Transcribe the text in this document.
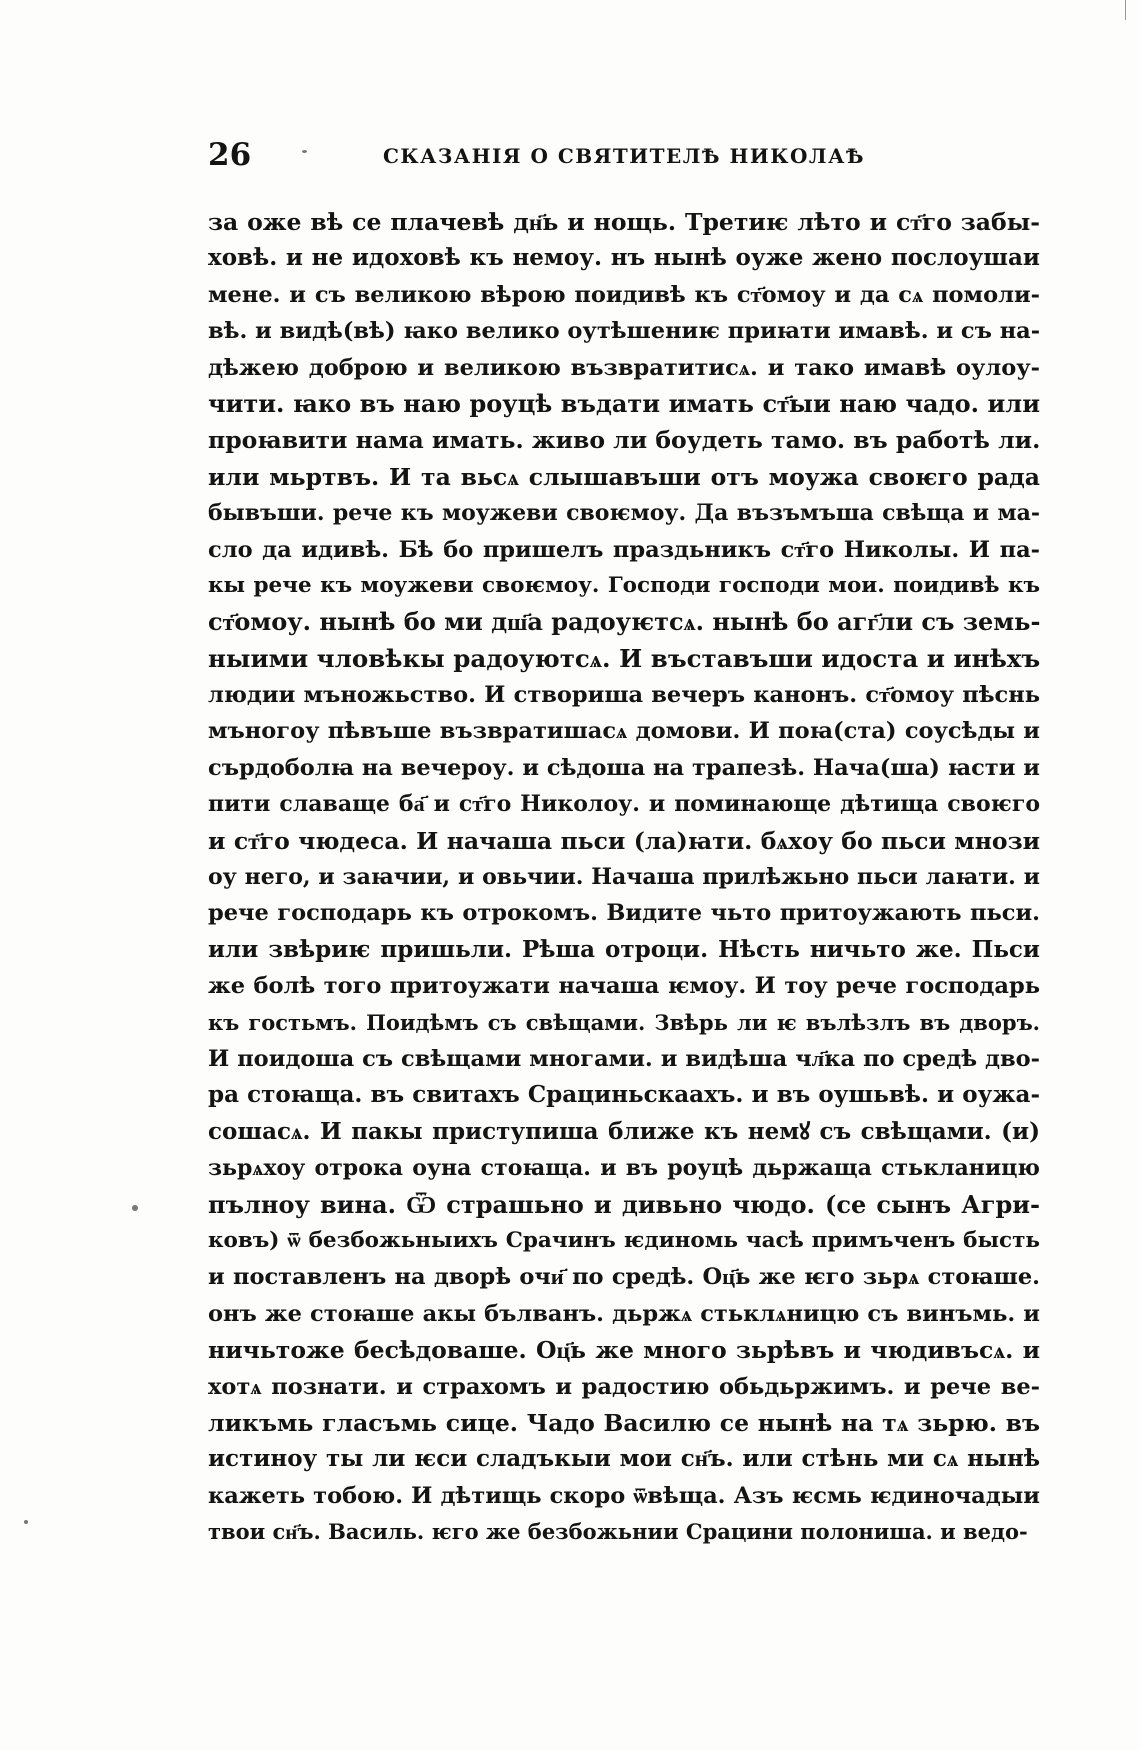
26	СКАЗАНІЯ О СВЯТИТЕЛѢ НИКОЛАѢ
за оже вѣ се плачевѣ дн҃ь и нощь. Третиѥ лѣто и ст҃го забы-
ховѣ. и не идоховѣ къ немоу. нъ нынѣ оуже жено послоушаи
мене. и съ великою вѣрою поидивѣ къ ст҃омоу и да сѧ помоли-
вѣ. и видѣ(вѣ) ꙗко велико оутѣшениѥ приꙗти имавѣ. и съ на-
дѣжею доброю и великою възвратитисѧ. и тако имавѣ оулоу-
чити. ꙗко въ наю роуцѣ въдати имать ст҃ыи наю чадо. или
проꙗвити нама имать. живо ли боудеть тамо. въ работѣ ли.
или мьртвъ. И та вьсѧ слышавъши отъ моужа своѥго рада
бывъши. рече къ моужеви своѥмоу. Да възъмъша свѣща и ма-
сло да идивѣ. Бѣ бо пришелъ праздьникъ ст҃го Николы. И па-
кы рече къ моужеви своѥмоу. Господи господи мои. поидивѣ къ
ст҃омоу. нынѣ бо ми дш҃а радоуѥтсѧ. нынѣ бо агг҃ли съ земь-
ныими чловѣкы радоуютсѧ. И въставъши идоста и инѣхъ
людии мъножьство. И створиша вечеръ канонъ. ст҃омоу пѣснь
мъногоу пѣвъше възвратишасѧ домови. И поꙗ(ста) соусѣды и
сърдоболꙗ на вечероу. и сѣдоша на трапезѣ. Нача(ша) ꙗсти и
пити славаще ба҃ и ст҃го Николоу. и поминающе дѣтища своѥго
и ст҃го чюдеса. И начаша пьси (ла)ꙗти. бѧхоу бо пьси мнози
оу него, и заꙗчии, и овьчии. Начаша прилѣжьно пьси лаꙗти. и
рече господарь къ отрокомъ. Видите чьто притоужають пьси.
или звѣриѥ пришьли. Рѣша отроци. Нѣсть ничьто же. Пьси
же болѣ того притоужати начаша ѥмоу. И тоу рече господарь
къ гостьмъ. Поидѣмъ съ свѣщами. Звѣрь ли ѥ вълѣзлъ въ дворъ.
И поидоша съ свѣщами многами. и видѣша чл҃ка по средѣ дво-
ра стоꙗща. въ свитахъ Срациньскаахъ. и въ оушьвѣ. и оужа-
сошасѧ. И пакы приступиша ближе къ немꙋ съ свѣщами. (и)
зьрѧхоу отрока оуна стоꙗща. и въ роуцѣ дьржаща стькланицю
пълноу вина. Ѿ страшьно и дивьно чюдо. (се сынъ Агри-
ковъ) ѿ безбожьныихъ Срачинъ ѥдиномь часѣ примъченъ бысть
и поставленъ на дворѣ очи҃ по средѣ. Оц҃ь же ѥго зьрѧ стоꙗше.
онъ же стоꙗше акы бълванъ. дьржѧ стьклѧницю съ винъмь. и
ничьтоже бесѣдоваше. Оц҃ь же много зьрѣвъ и чюдивъсѧ. и
хотѧ познати. и страхомъ и радостию обьдьржимъ. и рече ве-
ликъмь гласъмь сице. Чадо Василю се нынѣ на тѧ зьрю. въ
истиноу ты ли ѥси сладъкыи мои сн҃ъ. или стѣнь ми сѧ нынѣ
кажеть тобою. И дѣтищь скоро ѿвѣща. Азъ ѥсмь ѥдиночадыи
твои сн҃ъ. Василь. ѥго же безбожьнии Срацини полониша. и ведо-
